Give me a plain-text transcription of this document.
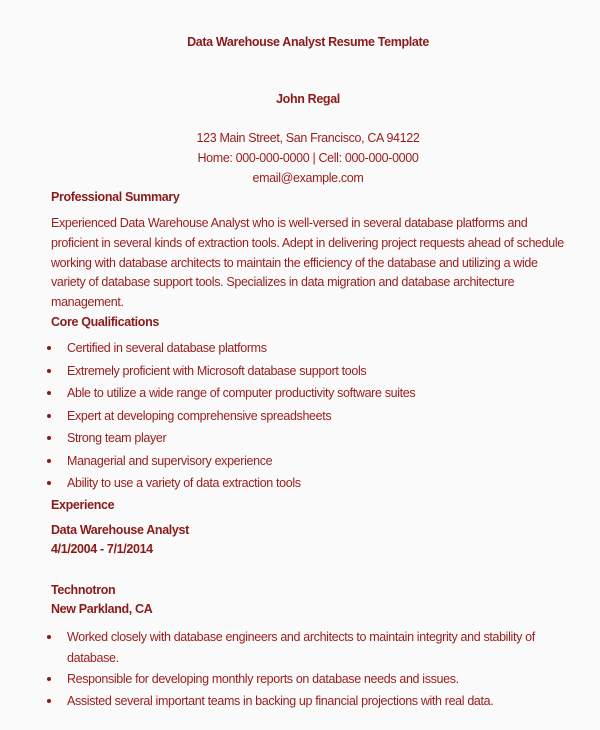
Data Warehouse Analyst Resume Template
John Regal
123 Main Street, San Francisco, CA 94122
Home: 000-000-0000 | Cell: 000-000-0000
email@example.com
Professional Summary
Experienced Data Warehouse Analyst who is well-versed in several database platforms and
proficient in several kinds of extraction tools. Adept in delivering project requests ahead of schedule
working with database architects to maintain the efficiency of the database and utilizing a wide
variety of database support tools. Specializes in data migration and database architecture
management.
Core Qualifications
Certified in several database platforms
Extremely proficient with Microsoft database support tools
Able to utilize a wide range of computer productivity software suites
Expert at developing comprehensive spreadsheets
Strong team player
Managerial and supervisory experience
Ability to use a variety of data extraction tools
Experience
Data Warehouse Analyst
4/1/2004 - 7/1/2014
Technotron
New Parkland, CA
Worked closely with database engineers and architects to maintain integrity and stability of
database.
Responsible for developing monthly reports on database needs and issues.
Assisted several important teams in backing up financial projections with real data.
